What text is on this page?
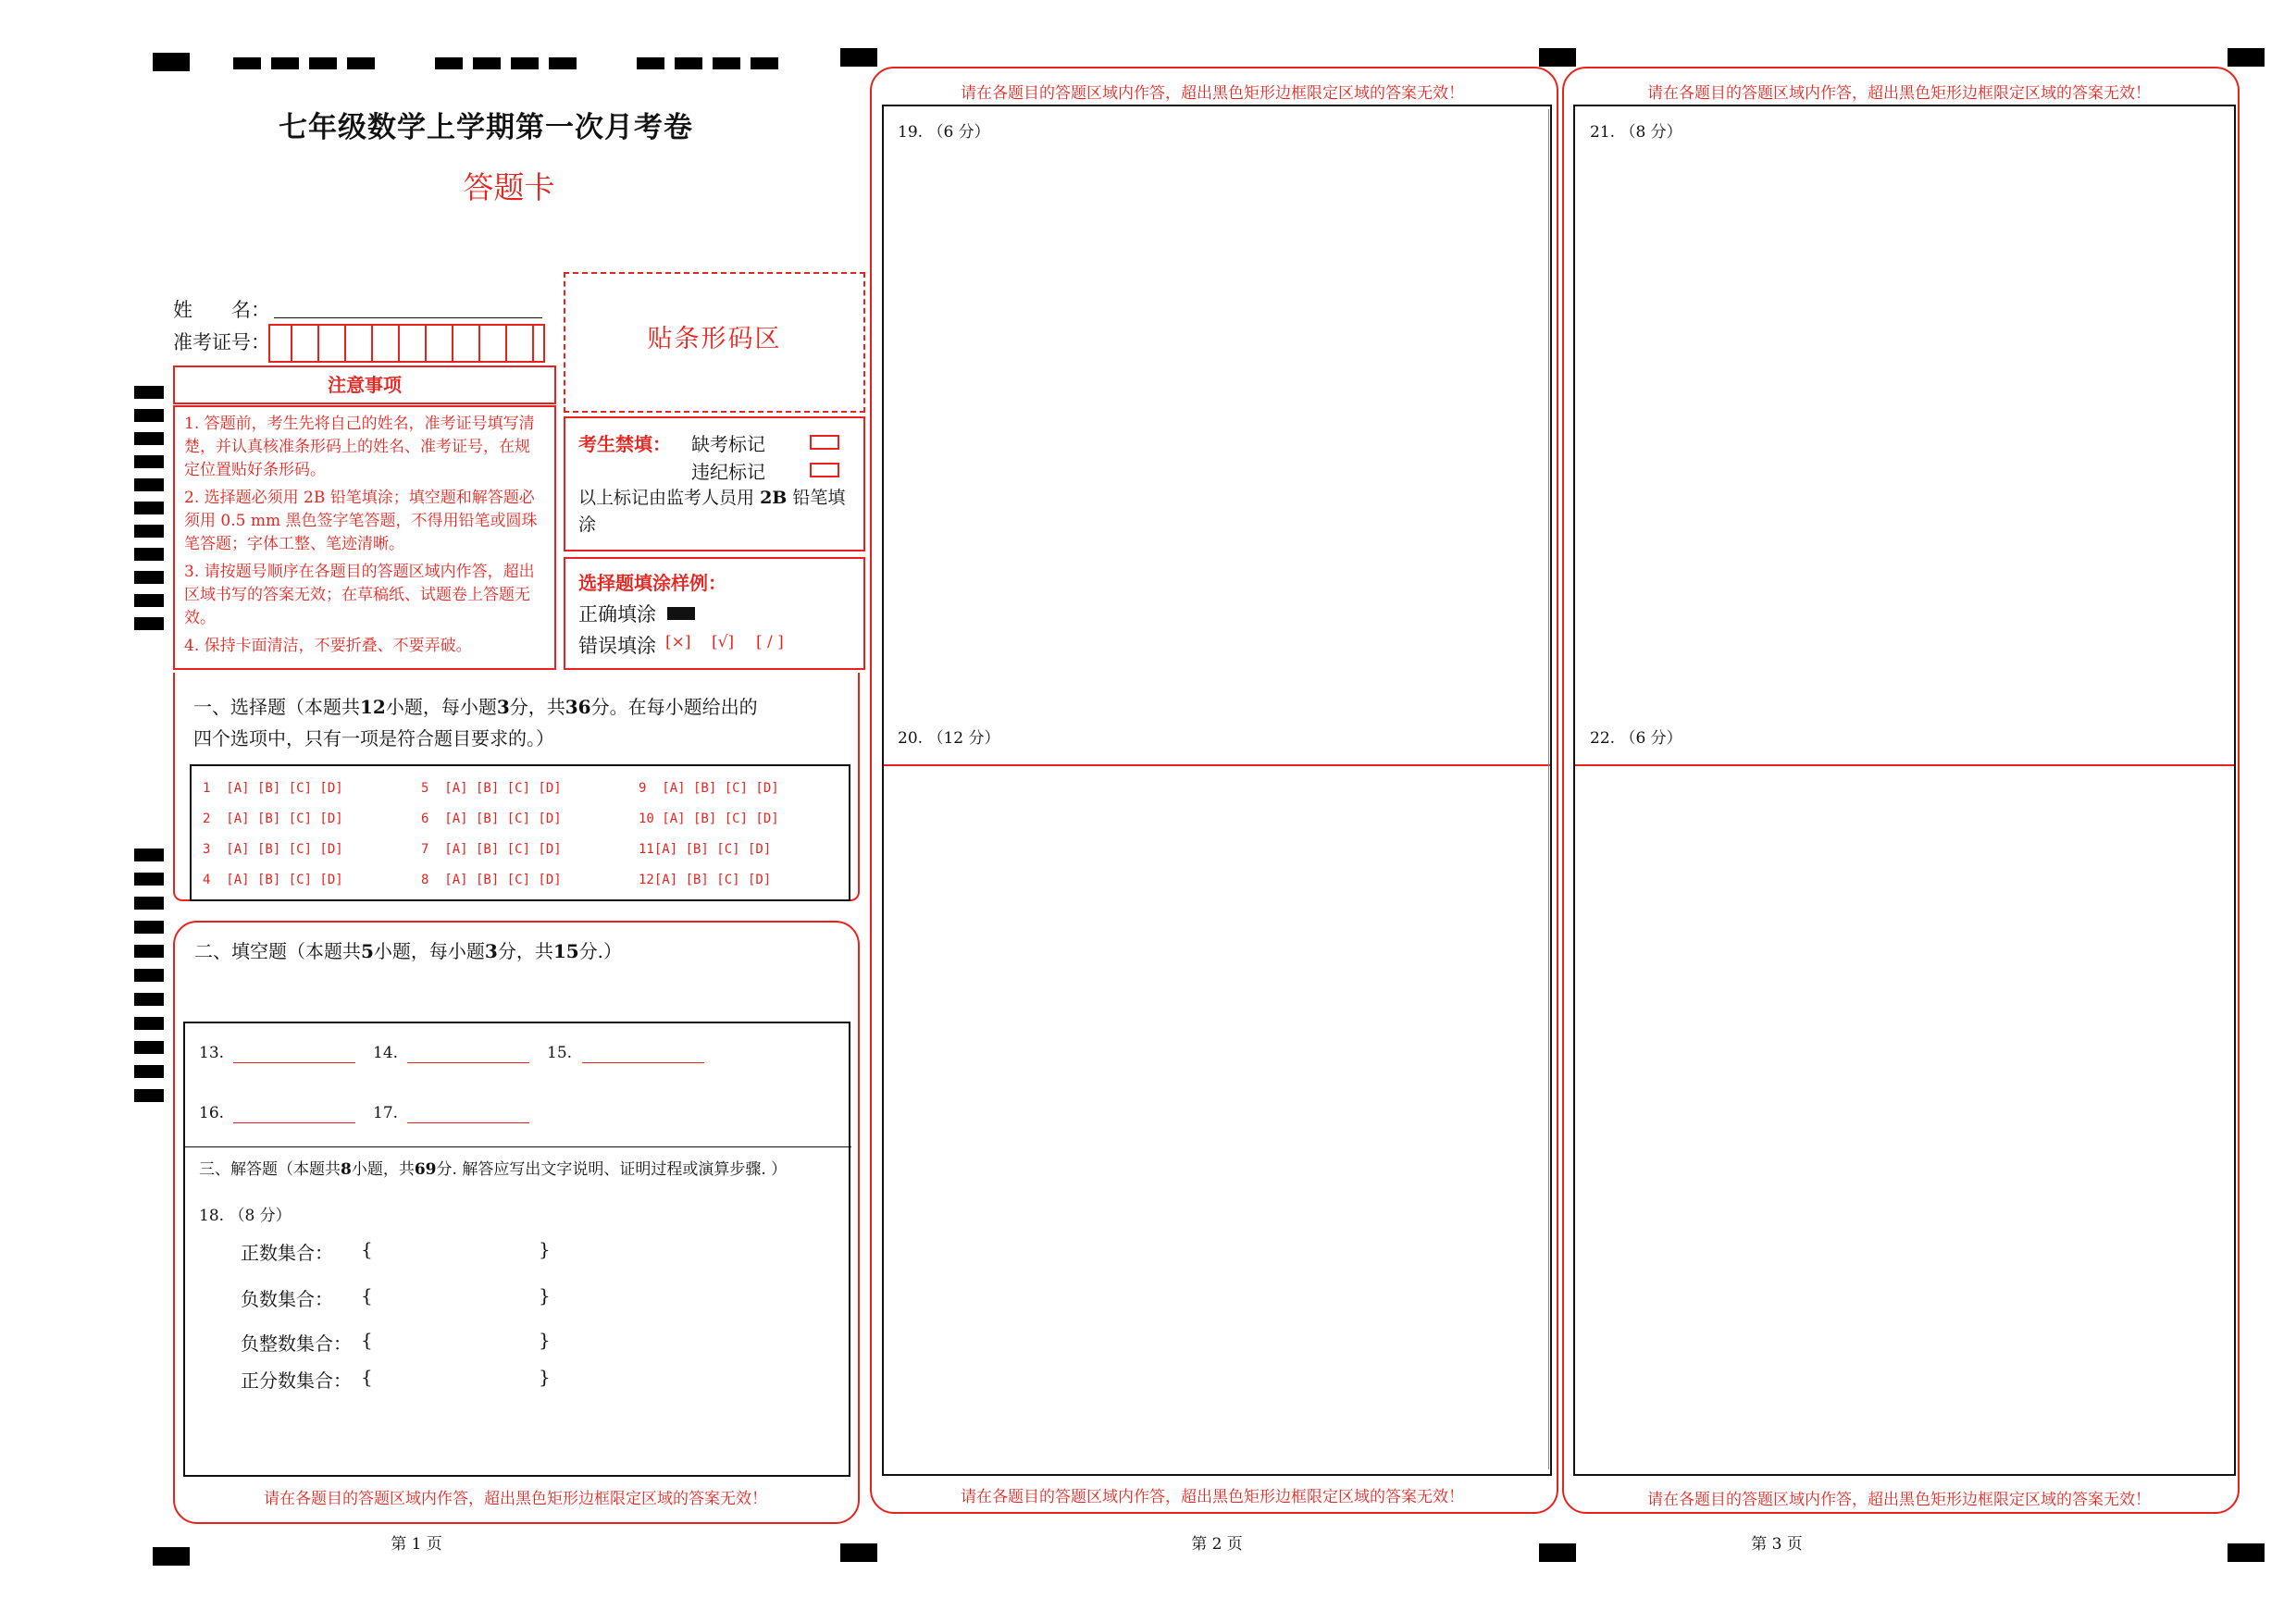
七年级数学上学期第一次月考卷
答题卡
姓　　名：
准考证号：	贴条形码区
注意事项
1. 答题前，考生先将自己的姓名，准考证号填写清楚，并认真核准条形码上的姓名、准考证号，在规定位置贴好条形码。
2. 选择题必须用 2B 铅笔填涂；填空题和解答题必须用 0.5 mm 黑色签字笔答题，不得用铅笔或圆珠笔答题；字体工整、笔迹清晰。
3. 请按题号顺序在各题目的答题区域内作答，超出区域书写的答案无效；在草稿纸、试题卷上答题无效。
4. 保持卡面清洁，不要折叠、不要弄破。
考生禁填： 缺考标记
违纪标记
以上标记由监考人员用 2B 铅笔填涂
选择题填涂样例：
正确填涂
错误填涂 [×] [√] [ / ]
一、选择题（本题共12小题，每小题3分，共36分。在每小题给出的
四个选项中，只有一项是符合题目要求的。）
1  [A] [B] [C] [D]
2  [A] [B] [C] [D]
3  [A] [B] [C] [D]
4  [A] [B] [C] [D]
5  [A] [B] [C] [D]
6  [A] [B] [C] [D]
7  [A] [B] [C] [D]
8  [A] [B] [C] [D]
9  [A] [B] [C] [D]
10 [A] [B] [C] [D]
11[A] [B] [C] [D]
12[A] [B] [C] [D]
二、填空题（本题共5小题，每小题3分，共15分.）
13.	14.	15.
16.	17.
三、解答题（本题共8小题，共69分. 解答应写出文字说明、证明过程或演算步骤. ）
18. （8 分）
正数集合： {	}
负数集合： {	}
负整数集合： {	}
正分数集合： {	}
请在各题目的答题区域内作答，超出黑色矩形边框限定区域的答案无效！
第 1 页
请在各题目的答题区域内作答，超出黑色矩形边框限定区域的答案无效！
19. （6 分）
20. （12 分）
请在各题目的答题区域内作答，超出黑色矩形边框限定区域的答案无效！
第 2 页
请在各题目的答题区域内作答，超出黑色矩形边框限定区域的答案无效！
21. （8 分）
22. （6 分）
请在各题目的答题区域内作答，超出黑色矩形边框限定区域的答案无效！
第 3 页
